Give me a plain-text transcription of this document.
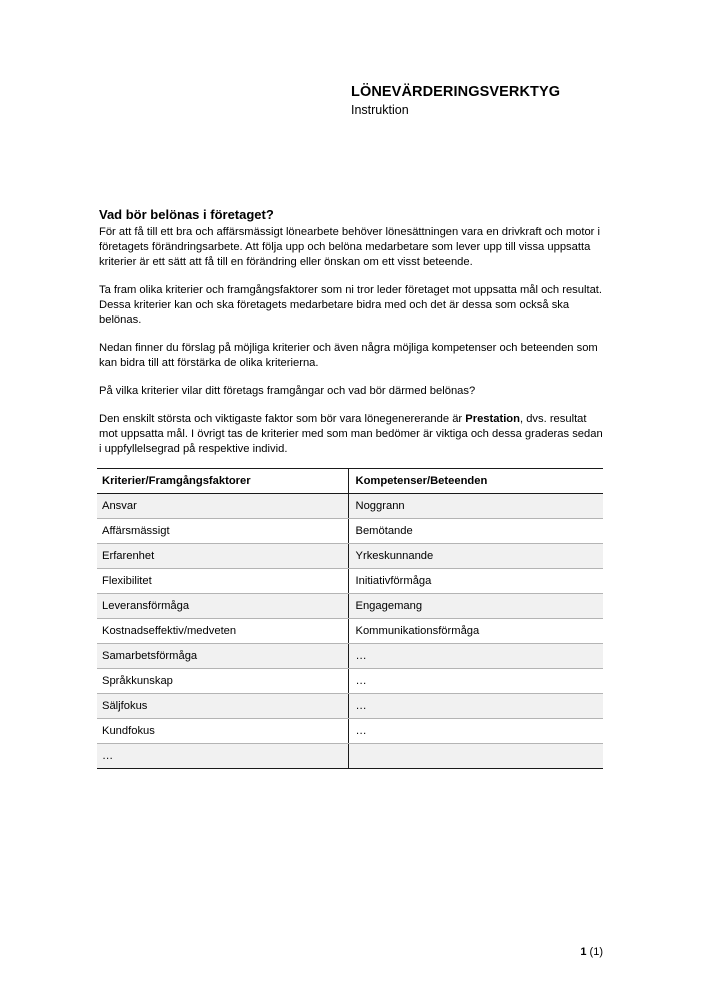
LÖNEVÄRDERINGSVERKTYG
Instruktion
Vad bör belönas i företaget?

För att få till ett bra och affärsmässigt lönearbete behöver lönesättningen vara en drivkraft och motor i företagets förändringsarbete. Att följa upp och belöna medarbetare som lever upp till vissa uppsatta kriterier är ett sätt att få till en förändring eller önskan om ett visst beteende.

Ta fram olika kriterier och framgångsfaktorer som ni tror leder företaget mot uppsatta mål och resultat. Dessa kriterier kan och ska företagets medarbetare bidra med och det är dessa som också ska belönas.

Nedan finner du förslag på möjliga kriterier och även några möjliga kompetenser och beteenden som kan bidra till att förstärka de olika kriterierna.

På vilka kriterier vilar ditt företags framgångar och vad bör därmed belönas?

Den enskilt största och viktigaste faktor som bör vara lönegenererande är Prestation, dvs. resultat mot uppsatta mål. I övrigt tas de kriterier med som man bedömer är viktiga och dessa graderas sedan i uppfyllelsegrad på respektive individ.

Kriterier/Framgångsfaktorer	Kompetenser/Beteenden
Ansvar	Noggrann
Affärsmässigt	Bemötande
Erfarenhet	Yrkeskunnande
Flexibilitet	Initiativförmåga
Leveransförmåga	Engagemang
Kostnadseffektiv/medveten	Kommunikationsförmåga
Samarbetsförmåga	…
Språkkunskap	…
Säljfokus	…
Kundfokus	…
…	
1 (1)
